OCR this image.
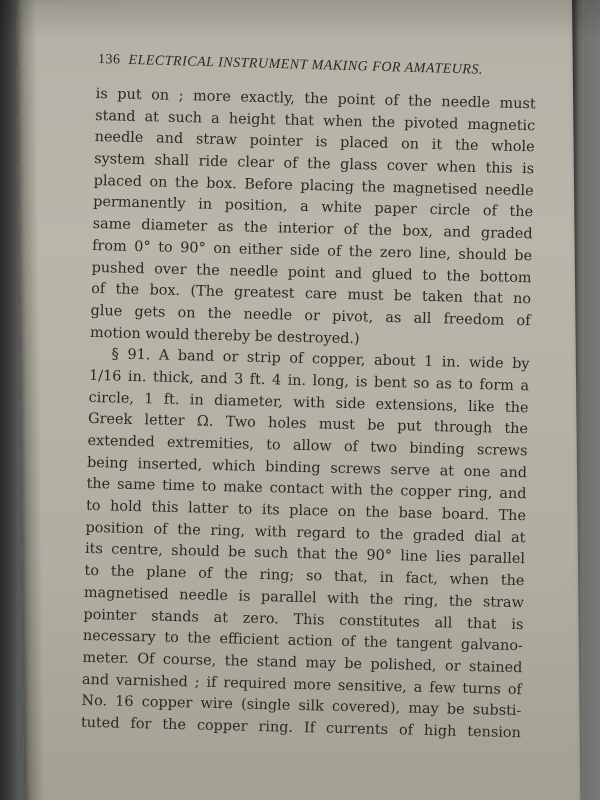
136 ELECTRICAL INSTRUMENT MAKING FOR AMATEURS.
is put on ; more exactly, the point of the needle must
stand at such a height that when the pivoted magnetic
needle and straw pointer is placed on it the whole
system shall ride clear of the glass cover when this is
placed on the box. Before placing the magnetised needle
permanently in position, a white paper circle of the
same diameter as the interior of the box, and graded
from 0° to 90° on either side of the zero line, should be
pushed over the needle point and glued to the bottom
of the box. (The greatest care must be taken that no
glue gets on the needle or pivot, as all freedom of
motion would thereby be destroyed.)
§ 91. A band or strip of copper, about 1 in. wide by
1/16 in. thick, and 3 ft. 4 in. long, is bent so as to form a
circle, 1 ft. in diameter, with side extensions, like the
Greek letter Ω. Two holes must be put through the
extended extremities, to allow of two binding screws
being inserted, which binding screws serve at one and
the same time to make contact with the copper ring, and
to hold this latter to its place on the base board. The
position of the ring, with regard to the graded dial at
its centre, should be such that the 90° line lies parallel
to the plane of the ring; so that, in fact, when the
magnetised needle is parallel with the ring, the straw
pointer stands at zero. This constitutes all that is
necessary to the efficient action of the tangent galvano-
meter. Of course, the stand may be polished, or stained
and varnished ; if required more sensitive, a few turns of
No. 16 copper wire (single silk covered), may be substi-
tuted for the copper ring. If currents of high tension
